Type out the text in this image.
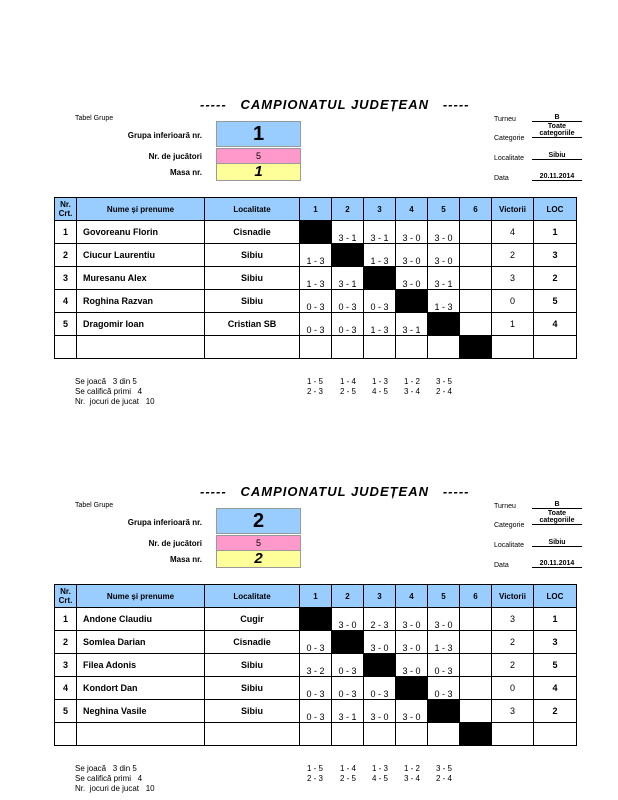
-----   CAMPIONATUL JUDEȚEAN   -----
Tabel Grupe
Grupa inferioară nr.	1
Nr. de jucători	5
Masa nr.	1
Turneu	B
Categorie
Toate categoriile
Localitate	Sibiu
Data	20.11.2014
Nr. Crt.	Nume și prenume	Localitate	1	2	3	4	5	6	Victorii	LOC
1	Govoreanu Florin	Cisnadie		3 - 1	3 - 1	3 - 0	3 - 0		4	1
2	Ciucur Laurentiu	Sibiu	1 - 3		1 - 3	3 - 0	3 - 0		2	3
3	Muresanu Alex	Sibiu	1 - 3	3 - 1		3 - 0	3 - 1		3	2
4	Roghina Razvan	Sibiu	0 - 3	0 - 3	0 - 3		1 - 3		0	5
5	Dragomir Ioan	Cristian SB	0 - 3	0 - 3	1 - 3	3 - 1			1	4

Se joacă   3 din 5
Se califică primi   4
Nr.  jocuri de jucat   10
1 - 5	1 - 4	1 - 3	1 - 2	3 - 5
2 - 3	2 - 5	4 - 5	3 - 4	2 - 4
-----   CAMPIONATUL JUDEȚEAN   -----
Tabel Grupe
Grupa inferioară nr.	2
Nr. de jucători	5
Masa nr.	2
Turneu	B
Categorie
Toate categoriile
Localitate	Sibiu
Data	20.11.2014
Nr. Crt.	Nume și prenume	Localitate	1	2	3	4	5	6	Victorii	LOC
1	Andone Claudiu	Cugir		3 - 0	2 - 3	3 - 0	3 - 0		3	1
2	Somlea Darian	Cisnadie	0 - 3		3 - 0	3 - 0	1 - 3		2	3
3	Filea Adonis	Sibiu	3 - 2	0 - 3		3 - 0	0 - 3		2	5
4	Kondort Dan	Sibiu	0 - 3	0 - 3	0 - 3		0 - 3		0	4
5	Neghina Vasile	Sibiu	0 - 3	3 - 1	3 - 0	3 - 0			3	2

Se joacă   3 din 5
Se califică primi   4
Nr.  jocuri de jucat   10
1 - 5	1 - 4	1 - 3	1 - 2	3 - 5
2 - 3	2 - 5	4 - 5	3 - 4	2 - 4
